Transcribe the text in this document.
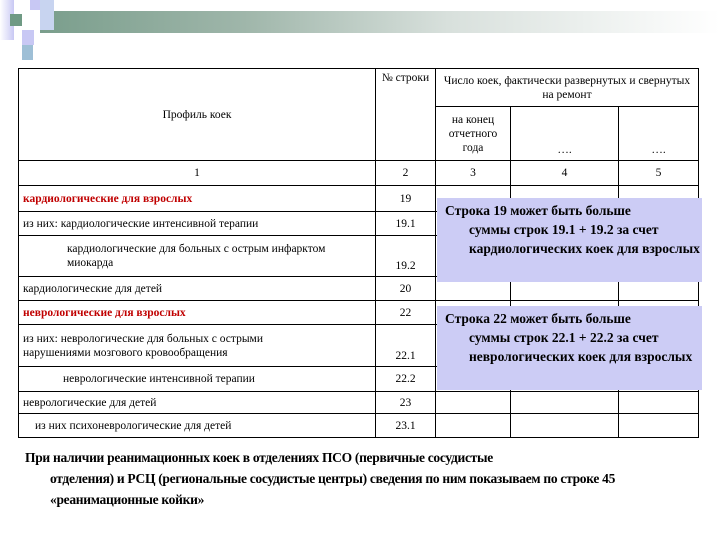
Профиль коек	№ строки	Число коек, фактически развернутых и свернутых на ремонт		
		на конец отчетного года	….	….
1	2	3	4	5
кардиологические для взрослых	19			
из них: кардиологические интенсивной терапии	19.1			
кардиологические для больных с острым инфарктом миокарда	19.2			
кардиологические для детей	20			
неврологические для взрослых	22			
из них: неврологические для больных с острыми нарушениями мозгового кровообращения	22.1			
неврологические интенсивной терапии	22.2			
неврологические для детей	23			
из них психоневрологические для детей	23.1			
Строка 19 может быть больше
суммы строк 19.1 + 19.2 за счет кардиологических коек для взрослых
Строка 22 может быть больше
суммы строк 22.1 + 22.2 за счет неврологических коек для взрослых
При наличии реанимационных коек в отделениях ПСО (первичные сосудистые
отделения) и РСЦ (региональные сосудистые центры) сведения по ним показываем по строке 45 «реанимационные койки»
